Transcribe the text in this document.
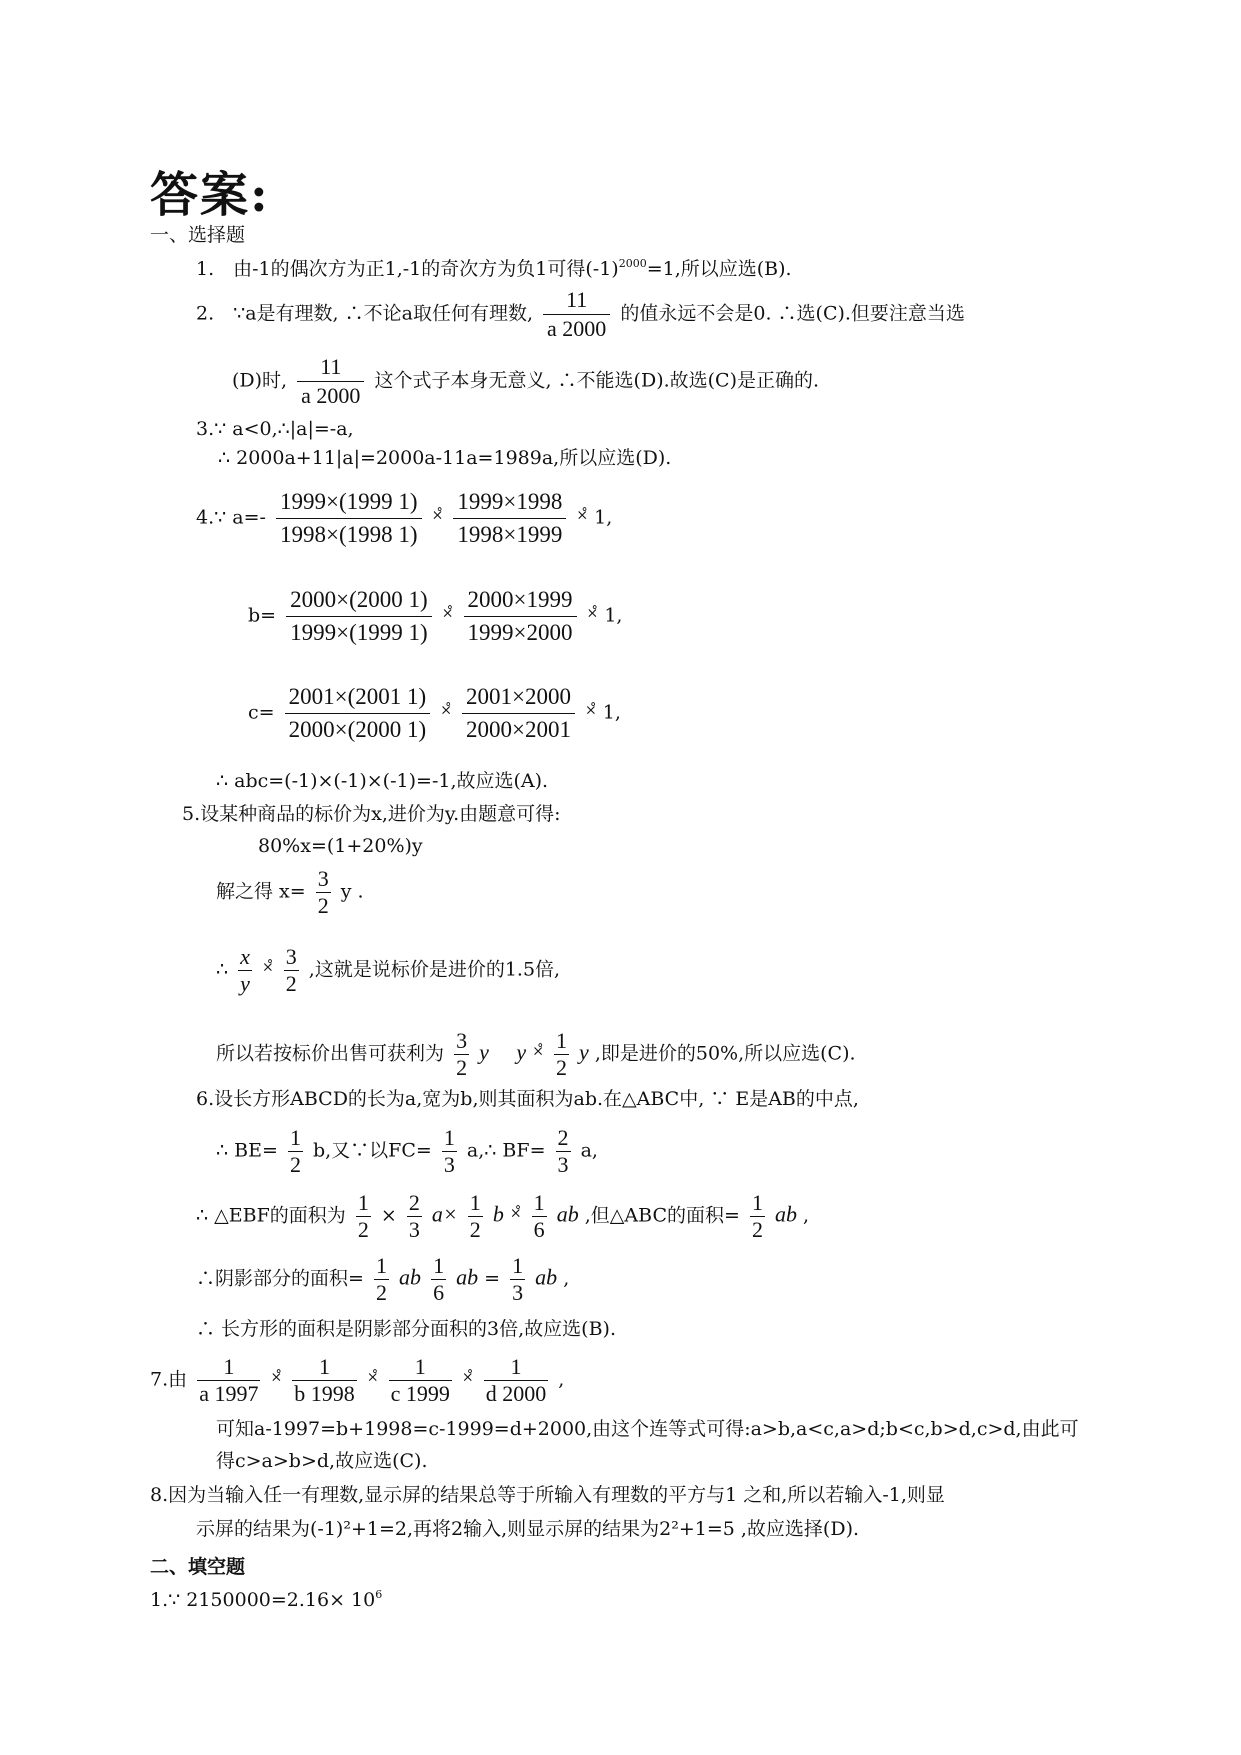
答案:
一、选择题
1. 由-1的偶次方为正1,-1的奇次方为负1可得$(-1)^{2000}=1$,所以应选(B).
2. ∵a是有理数, ∴不论a取任何有理数, $\frac{11}{a 2000}$ 的值永远不会是0. ∴选(C).但要注意当选
(D)时, $\frac{11}{a 2000}$ 这个式子本身无意义, ∴不能选(D).故选(C)是正确的.
3.∵ a<0,∴|a|=-a,
∴ 2000a+11|a|=2000a-11a=1989a,所以应选(D).
4.∵ $a=- \frac{1999\times(1999 1)}{1998\times(1998 1)} ^{\times̊} \frac{1999\times 1998}{1998\times 1999} ^{\times̊}$ 1,
$b= \frac{2000\times(2000 1)}{1999\times(1999 1)} ^{\times̊} \frac{2000\times 1999}{1999\times 2000} ^{\times̊}$ 1,
$c= \frac{2001\times(2001 1)}{2000\times(2000 1)} ^{\times̊} \frac{2001\times 2000}{2000\times 2001} ^{\times̊}$ 1,
∴ abc=(-1)×(-1)×(-1)=-1,故应选(A).
5.设某种商品的标价为x,进价为y.由题意可得:
80%x=(1+20%)y
解之得 $x= \frac{3}{2}$ y .
∴ $\frac{x}{y} ^{\times̊} \frac{3}{2}$ ,这就是说标价是进价的1.5倍,
所以若按标价出售可获利为 $\frac{3}{2}$ y  y $^{\times̊} \frac{1}{2}$ y ,即是进价的50%,所以应选(C).
6.设长方形ABCD的长为a,宽为b,则其面积为ab.在△ABC中, ∵ E是AB的中点,
∴ $BE= \frac{1}{2} b$,又∵以$FC= \frac{1}{3}$ a,∴ $BF= \frac{2}{3} a$,
∴ △EBF的面积为 $\frac{1}{2} \times \frac{2}{3} a\times \frac{1}{2}$ b $^{\times̊} \frac{1}{6}$ ab ,但△ABC的面积= $\frac{1}{2}$ ab ,
∴阴影部分的面积= $\frac{1}{2}$ ab $\frac{1}{6}$ ab = $\frac{1}{3}$ ab ,
∴ 长方形的面积是阴影部分面积的3倍,故应选(B).
7.由 $\frac{1}{a 1997} ^{\times̊} \frac{1}{b 1998} ^{\times̊} \frac{1}{c 1999} ^{\times̊} \frac{1}{d 2000}$ ,
可知a-1997=b+1998=c-1999=d+2000,由这个连等式可得:a>b,a<c,a>d;b<c,b>d,c>d,由此可
得c>a>b>d,故应选(C).
8.因为当输入任一有理数,显示屏的结果总等于所输入有理数的平方与1 之和,所以若输入-1,则显
示屏的结果为(-1)²+1=2,再将2输入,则显示屏的结果为2²+1=5 ,故应选择(D).
二、填空题
1.∵ $2150000=2.16\times 10^6$
